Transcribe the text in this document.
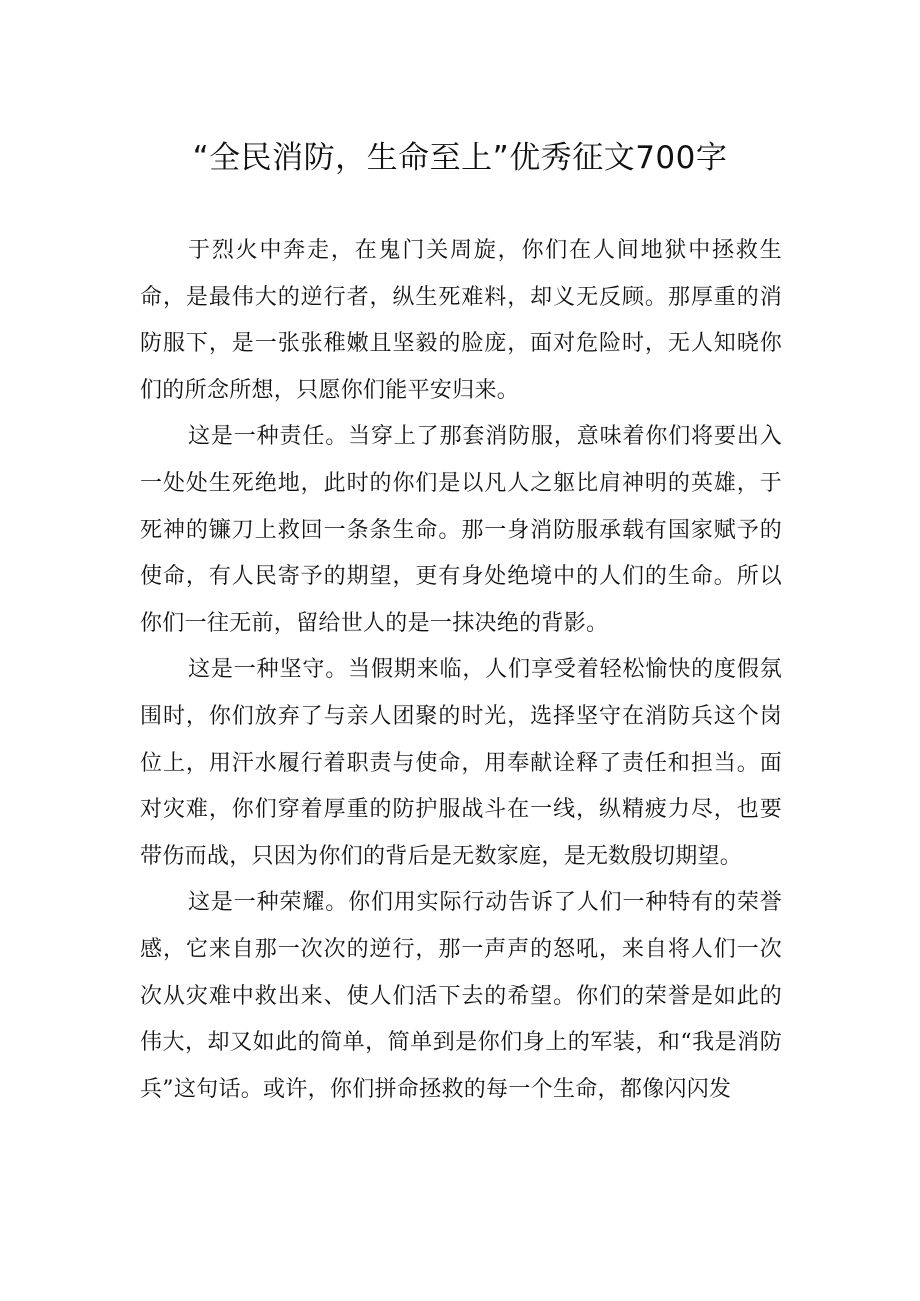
“全民消防，生命至上”优秀征文700字

于烈火中奔走，在鬼门关周旋，你们在人间地狱中拯救生命，是最伟大的逆行者，纵生死难料，却义无反顾。那厚重的消防服下，是一张张稚嫩且坚毅的脸庞，面对危险时，无人知晓你们的所念所想，只愿你们能平安归来。

这是一种责任。当穿上了那套消防服，意味着你们将要出入一处处生死绝地，此时的你们是以凡人之躯比肩神明的英雄，于死神的镰刀上救回一条条生命。那一身消防服承载有国家赋予的使命，有人民寄予的期望，更有身处绝境中的人们的生命。所以你们一往无前，留给世人的是一抹决绝的背影。

这是一种坚守。当假期来临，人们享受着轻松愉快的度假氛围时，你们放弃了与亲人团聚的时光，选择坚守在消防兵这个岗位上，用汗水履行着职责与使命，用奉献诠释了责任和担当。面对灾难，你们穿着厚重的防护服战斗在一线，纵精疲力尽，也要带伤而战，只因为你们的背后是无数家庭，是无数殷切期望。

这是一种荣耀。你们用实际行动告诉了人们一种特有的荣誉感，它来自那一次次的逆行，那一声声的怒吼，来自将人们一次次从灾难中救出来、使人们活下去的希望。你们的荣誉是如此的伟大，却又如此的简单，简单到是你们身上的军装，和“我是消防兵”这句话。或许，你们拼命拯救的每一个生命，都像闪闪发
